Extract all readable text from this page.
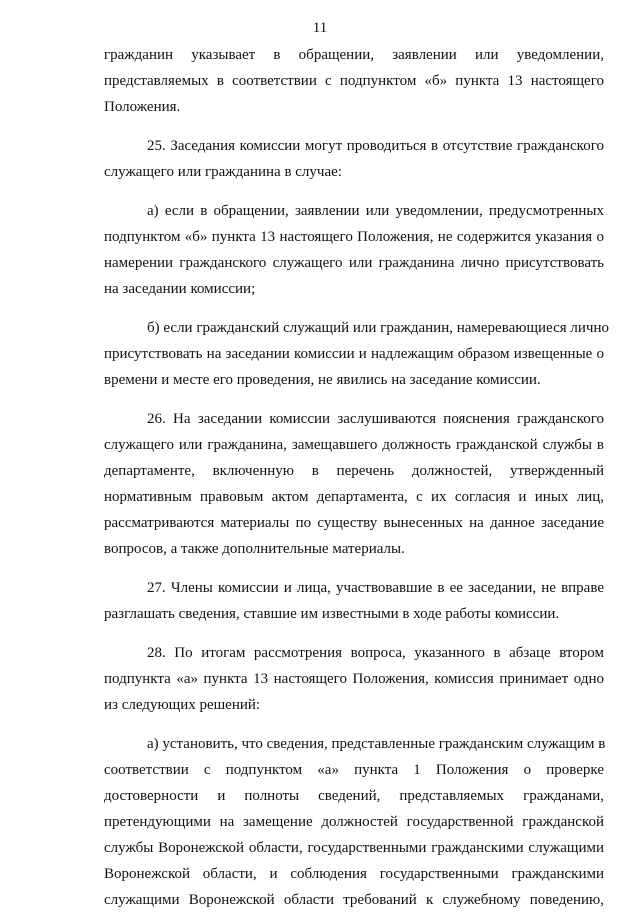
11
гражданин указывает в обращении, заявлении или уведомлении,
представляемых в соответствии с подпунктом «б» пункта 13 настоящего
Положения.
25. Заседания комиссии могут проводиться в отсутствие гражданского
служащего или гражданина в случае:
а) если в обращении, заявлении или уведомлении, предусмотренных
подпунктом «б» пункта 13 настоящего Положения, не содержится указания о
намерении гражданского служащего или гражданина лично присутствовать
на заседании комиссии;
б) если гражданский служащий или гражданин, намеревающиеся лично
присутствовать на заседании комиссии и надлежащим образом извещенные о
времени и месте его проведения, не явились на заседание комиссии.
26. На заседании комиссии заслушиваются пояснения гражданского
служащего или гражданина, замещавшего должность гражданской службы в
департаменте, включенную в перечень должностей, утвержденный
нормативным правовым актом департамента, с их согласия и иных лиц,
рассматриваются материалы по существу вынесенных на данное заседание
вопросов, а также дополнительные материалы.
27. Члены комиссии и лица, участвовавшие в ее заседании, не вправе
разглашать сведения, ставшие им известными в ходе работы комиссии.
28. По итогам рассмотрения вопроса, указанного в абзаце втором
подпункта «а» пункта 13 настоящего Положения, комиссия принимает одно
из следующих решений:
а) установить, что сведения, представленные гражданским служащим в
соответствии с подпунктом «а» пункта 1 Положения о проверке
достоверности и полноты сведений, представляемых гражданами,
претендующими на замещение должностей государственной гражданской
службы Воронежской области, государственными гражданскими служащими
Воронежской области, и соблюдения государственными гражданскими
служащими Воронежской области требований к служебному поведению,
